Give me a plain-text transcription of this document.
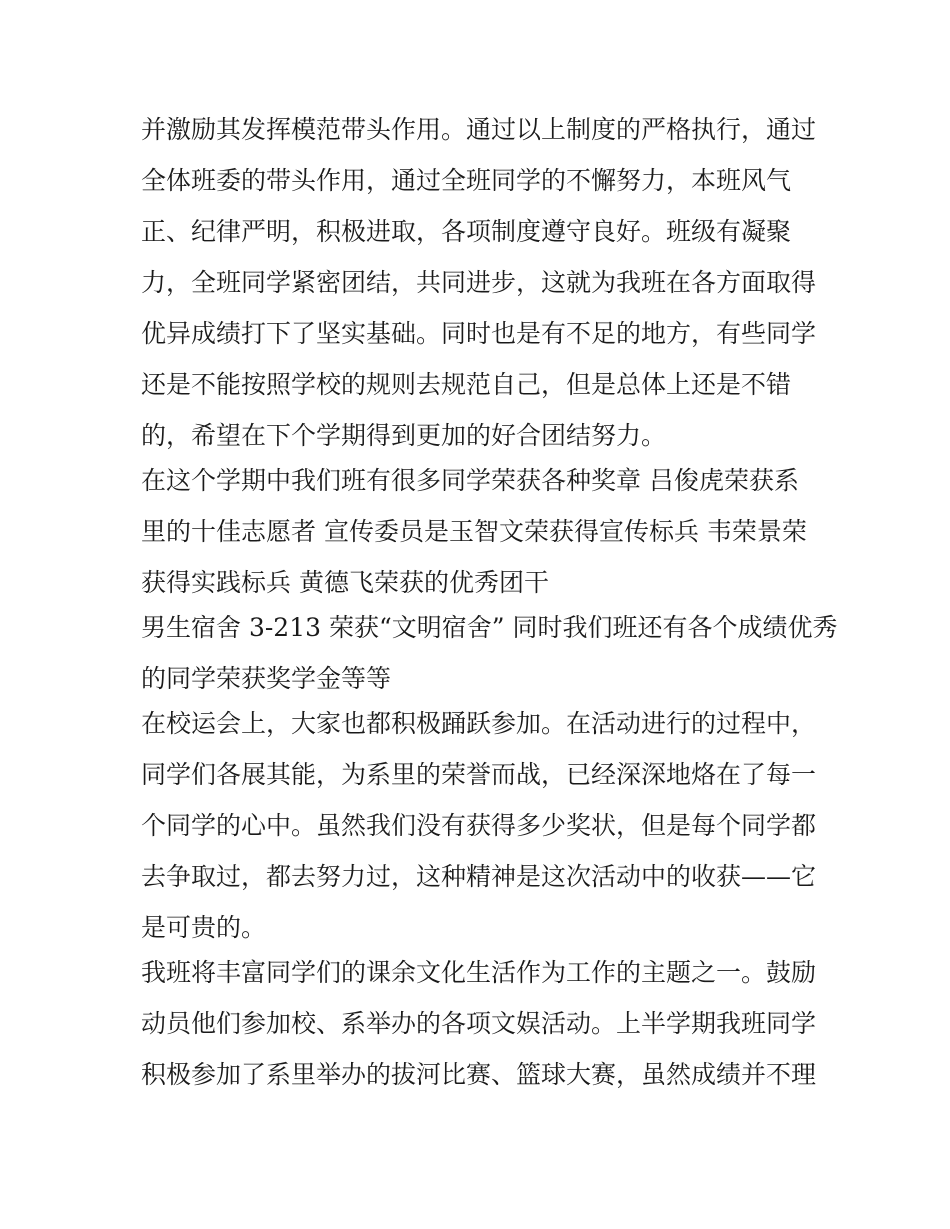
并激励其发挥模范带头作用。通过以上制度的严格执行，通过
全体班委的带头作用，通过全班同学的不懈努力，本班风气
正、纪律严明，积极进取，各项制度遵守良好。班级有凝聚
力，全班同学紧密团结，共同进步，这就为我班在各方面取得
优异成绩打下了坚实基础。同时也是有不足的地方，有些同学
还是不能按照学校的规则去规范自己，但是总体上还是不错
的，希望在下个学期得到更加的好合团结努力。
在这个学期中我们班有很多同学荣获各种奖章 吕俊虎荣获系
里的十佳志愿者 宣传委员是玉智文荣获得宣传标兵 韦荣景荣
获得实践标兵 黄德飞荣获的优秀团干
男生宿舍 3-213 荣获“文明宿舍” 同时我们班还有各个成绩优秀
的同学荣获奖学金等等
在校运会上，大家也都积极踊跃参加。在活动进行的过程中，
同学们各展其能，为系里的荣誉而战，已经深深地烙在了每一
个同学的心中。虽然我们没有获得多少奖状，但是每个同学都
去争取过，都去努力过，这种精神是这次活动中的收获——它
是可贵的。
我班将丰富同学们的课余文化生活作为工作的主题之一。鼓励
动员他们参加校、系举办的各项文娱活动。上半学期我班同学
积极参加了系里举办的拔河比赛、篮球大赛，虽然成绩并不理
